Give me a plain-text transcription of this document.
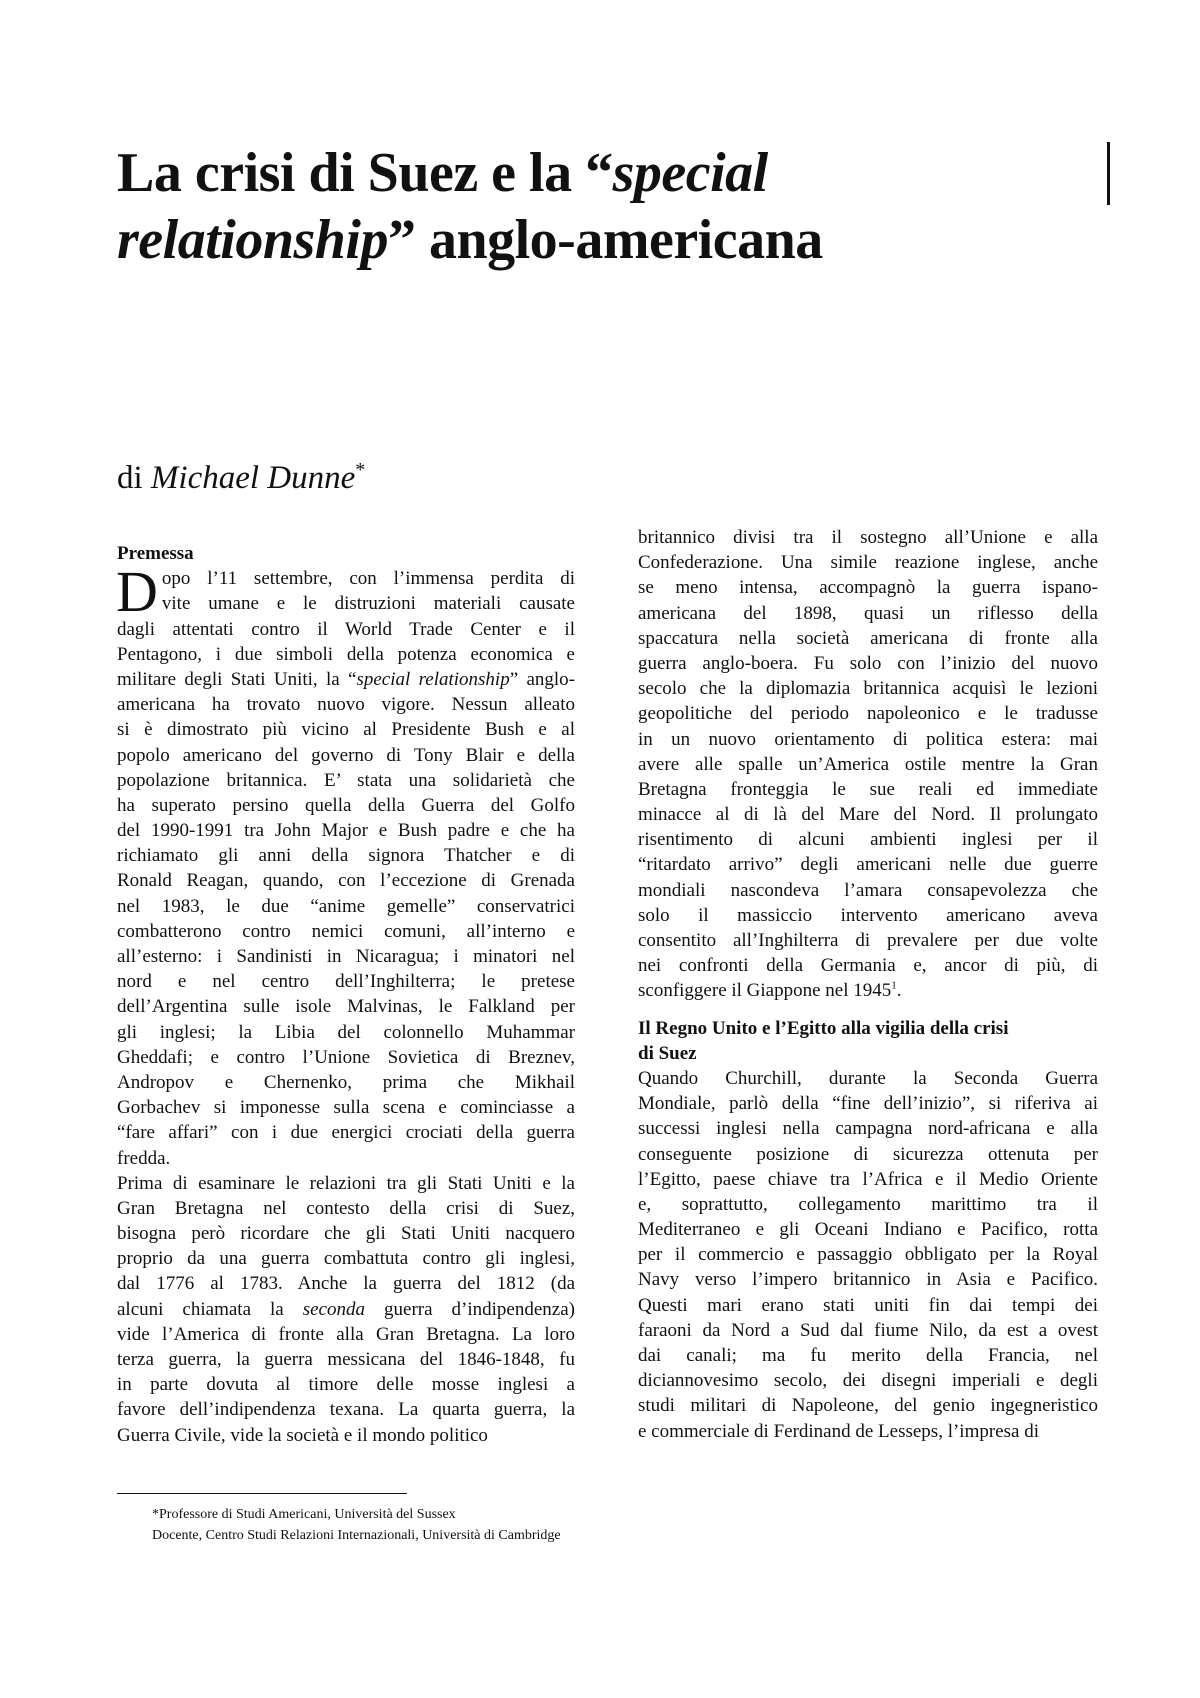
La crisi di Suez e la “special
relationship” anglo-americana

di Michael Dunne*

Premessa
D opo l’11 settembre, con l’immensa perdita di
vite umane e le distruzioni materiali causate
dagli attentati contro il World Trade Center e il
Pentagono, i due simboli della potenza economica e
militare degli Stati Uniti, la “special relationship” anglo-
americana ha trovato nuovo vigore. Nessun alleato
si è dimostrato più vicino al Presidente Bush e al
popolo americano del governo di Tony Blair e della
popolazione britannica. E’ stata una solidarietà che
ha superato persino quella della Guerra del Golfo
del 1990-1991 tra John Major e Bush padre e che ha
richiamato gli anni della signora Thatcher e di
Ronald Reagan, quando, con l’eccezione di Grenada
nel 1983, le due “anime gemelle” conservatrici
combatterono contro nemici comuni, all’interno e
all’esterno: i Sandinisti in Nicaragua; i minatori nel
nord e nel centro dell’Inghilterra; le pretese
dell’Argentina sulle isole Malvinas, le Falkland per
gli inglesi; la Libia del colonnello Muhammar
Gheddafi; e contro l’Unione Sovietica di Breznev,
Andropov e Chernenko, prima che Mikhail
Gorbachev si imponesse sulla scena e cominciasse a
“fare affari” con i due energici crociati della guerra
fredda.
Prima di esaminare le relazioni tra gli Stati Uniti e la
Gran Bretagna nel contesto della crisi di Suez,
bisogna però ricordare che gli Stati Uniti nacquero
proprio da una guerra combattuta contro gli inglesi,
dal 1776 al 1783. Anche la guerra del 1812 (da
alcuni chiamata la seconda guerra d’indipendenza)
vide l’America di fronte alla Gran Bretagna. La loro
terza guerra, la guerra messicana del 1846-1848, fu
in parte dovuta al timore delle mosse inglesi a
favore dell’indipendenza texana. La quarta guerra, la
Guerra Civile, vide la società e il mondo politico
britannico divisi tra il sostegno all’Unione e alla
Confederazione. Una simile reazione inglese, anche
se meno intensa, accompagnò la guerra ispano-
americana del 1898, quasi un riflesso della
spaccatura nella società americana di fronte alla
guerra anglo-boera. Fu solo con l’inizio del nuovo
secolo che la diplomazia britannica acquisì le lezioni
geopolitiche del periodo napoleonico e le tradusse
in un nuovo orientamento di politica estera: mai
avere alle spalle un’America ostile mentre la Gran
Bretagna fronteggia le sue reali ed immediate
minacce al di là del Mare del Nord. Il prolungato
risentimento di alcuni ambienti inglesi per il
“ritardato arrivo” degli americani nelle due guerre
mondiali nascondeva l’amara consapevolezza che
solo il massiccio intervento americano aveva
consentito all’Inghilterra di prevalere per due volte
nei confronti della Germania e, ancor di più, di
sconfiggere il Giappone nel 1945$^1$.
Il Regno Unito e l’Egitto alla vigilia della crisi
di Suez
Quando Churchill, durante la Seconda Guerra
Mondiale, parlò della “fine dell’inizio”, si riferiva ai
successi inglesi nella campagna nord-africana e alla
conseguente posizione di sicurezza ottenuta per
l’Egitto, paese chiave tra l’Africa e il Medio Oriente
e, soprattutto, collegamento marittimo tra il
Mediterraneo e gli Oceani Indiano e Pacifico, rotta
per il commercio e passaggio obbligato per la Royal
Navy verso l’impero britannico in Asia e Pacifico.
Questi mari erano stati uniti fin dai tempi dei
faraoni da Nord a Sud dal fiume Nilo, da est a ovest
dai canali; ma fu merito della Francia, nel
diciannovesimo secolo, dei disegni imperiali e degli
studi militari di Napoleone, del genio ingegneristico
e commerciale di Ferdinand de Lesseps, l’impresa di
*Professore di Studi Americani, Università del Sussex
Docente, Centro Studi Relazioni Internazionali, Università di Cambridge
